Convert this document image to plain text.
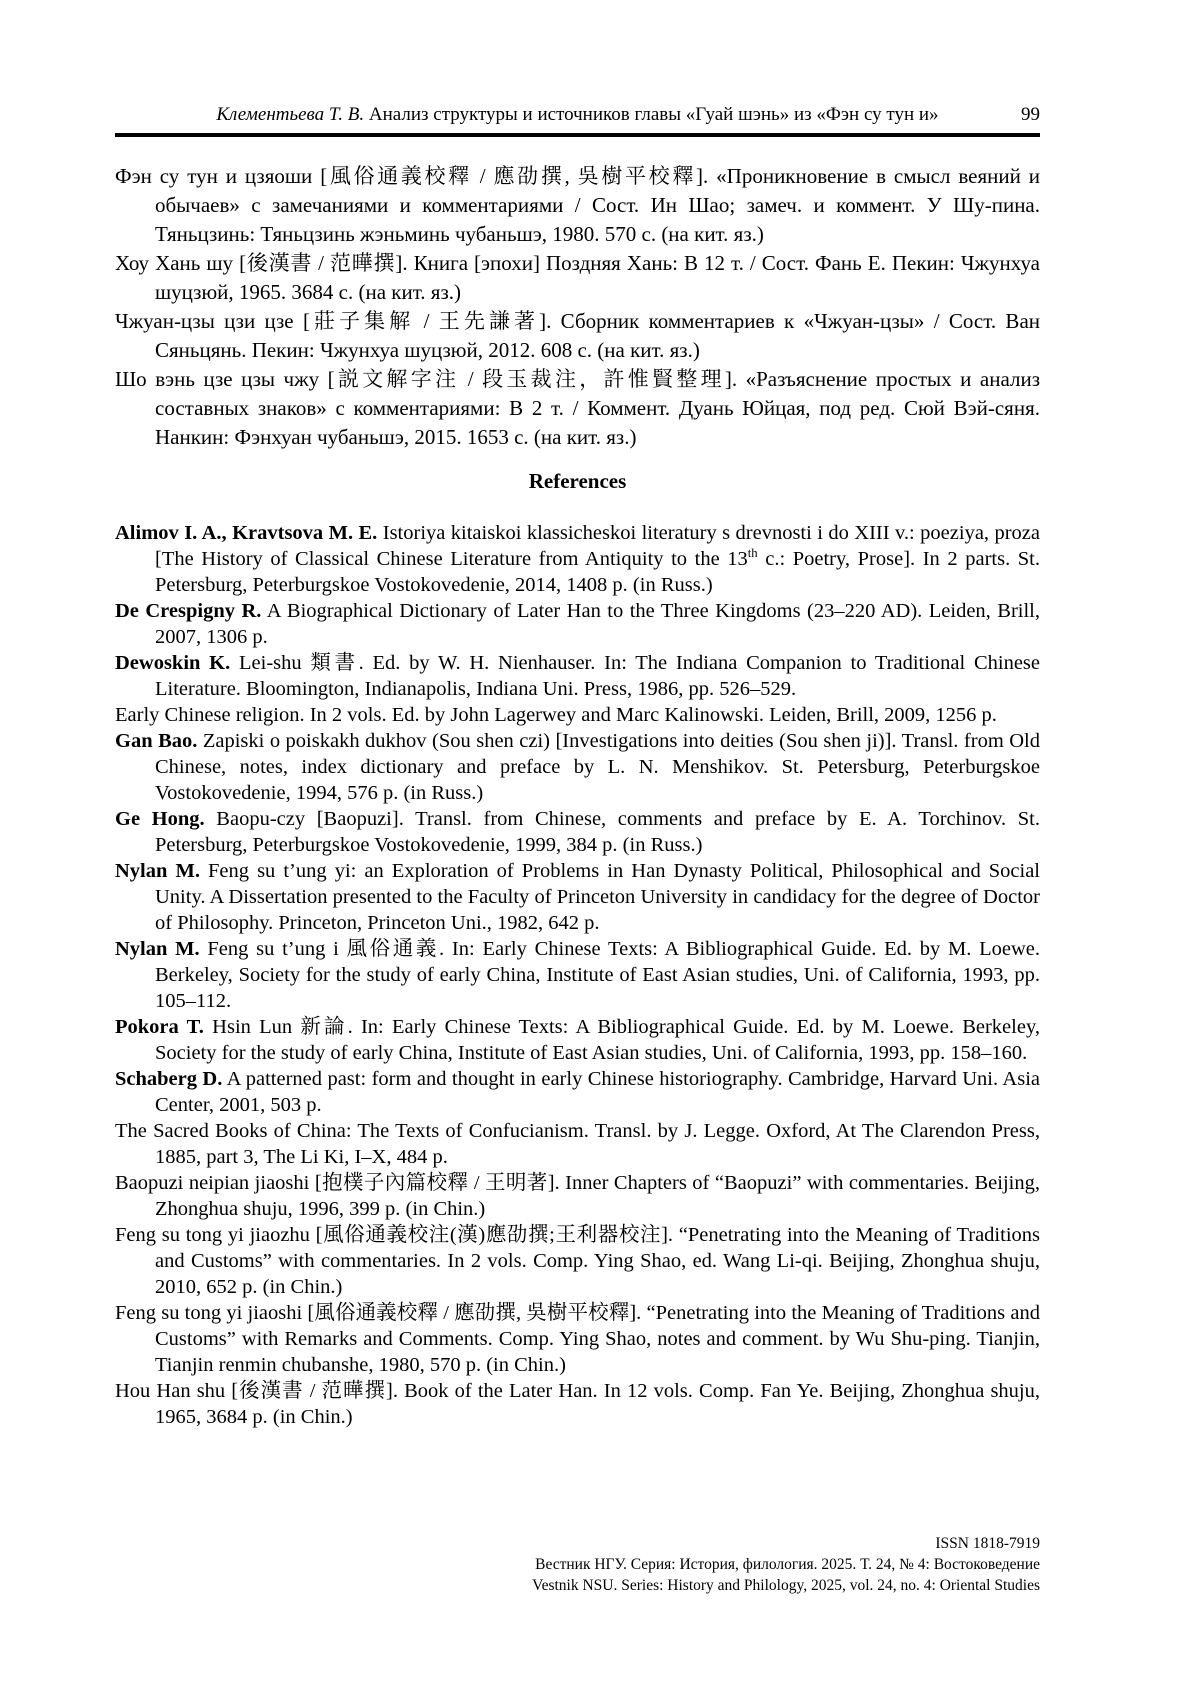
Клементьева Т. В. Анализ структуры и источников главы «Гуай шэнь» из «Фэн су тун и»	99
Фэн су тун и цзяоши [風俗通義校釋 / 應劭撰, 吳樹平校釋]. «Проникновение в смысл веяний и обычаев» с замечаниями и комментариями / Сост. Ин Шао; замеч. и коммент. У Шу-пина. Тяньцзинь: Тяньцзинь жэньминь чубаньшэ, 1980. 570 с. (на кит. яз.)
Хоу Хань шу [後漢書 / 范曄撰]. Книга [эпохи] Поздняя Хань: В 12 т. / Сост. Фань Е. Пекин: Чжунхуа шуцзюй, 1965. 3684 с. (на кит. яз.)
Чжуан-цзы цзи цзе [莊子集解 / 王先謙著]. Сборник комментариев к «Чжуан-цзы» / Сост. Ван Сяньцянь. Пекин: Чжунхуа шуцзюй, 2012. 608 с. (на кит. яз.)
Шо вэнь цзе цзы чжу [説文解字注 / 段玉裁注，許惟賢整理]. «Разъяснение простых и анализ составных знаков» с комментариями: В 2 т. / Коммент. Дуань Юйцая, под ред. Сюй Вэй-сяня. Нанкин: Фэнхуан чубаньшэ, 2015. 1653 с. (на кит. яз.)
References
Alimov I. A., Kravtsova M. E. Istoriya kitaiskoi klassicheskoi literatury s drevnosti i do XIII v.: poeziya, proza [The History of Classical Chinese Literature from Antiquity to the 13th c.: Poetry, Prose]. In 2 parts. St. Petersburg, Peterburgskoe Vostokovedenie, 2014, 1408 p. (in Russ.)
De Crespigny R. A Biographical Dictionary of Later Han to the Three Kingdoms (23–220 AD). Leiden, Brill, 2007, 1306 p.
Dewoskin K. Lei-shu 類書. Ed. by W. H. Nienhauser. In: The Indiana Companion to Traditional Chinese Literature. Bloomington, Indianapolis, Indiana Uni. Press, 1986, pp. 526–529.
Early Chinese religion. In 2 vols. Ed. by John Lagerwey and Marc Kalinowski. Leiden, Brill, 2009, 1256 p.
Gan Bao. Zapiski o poiskakh dukhov (Sou shen czi) [Investigations into deities (Sou shen ji)]. Transl. from Old Chinese, notes, index dictionary and preface by L. N. Menshikov. St. Petersburg, Peterburgskoe Vostokovedenie, 1994, 576 p. (in Russ.)
Ge Hong. Baopu-czy [Baopuzi]. Transl. from Chinese, comments and preface by E. A. Torchinov. St. Petersburg, Peterburgskoe Vostokovedenie, 1999, 384 p. (in Russ.)
Nylan M. Feng su t’ung yi: an Exploration of Problems in Han Dynasty Political, Philosophical and Social Unity. A Dissertation presented to the Faculty of Princeton University in candidacy for the degree of Doctor of Philosophy. Princeton, Princeton Uni., 1982, 642 p.
Nylan M. Feng su t’ung i 風俗通義. In: Early Chinese Texts: A Bibliographical Guide. Ed. by M. Loewe. Berkeley, Society for the study of early China, Institute of East Asian studies, Uni. of California, 1993, pp. 105–112.
Pokora T. Hsin Lun 新論. In: Early Chinese Texts: A Bibliographical Guide. Ed. by M. Loewe. Berkeley, Society for the study of early China, Institute of East Asian studies, Uni. of California, 1993, pp. 158–160.
Schaberg D. A patterned past: form and thought in early Chinese historiography. Cambridge, Harvard Uni. Asia Center, 2001, 503 p.
The Sacred Books of China: The Texts of Confucianism. Transl. by J. Legge. Oxford, At The Clarendon Press, 1885, part 3, The Li Ki, I–X, 484 p.
Baopuzi neipian jiaoshi [抱樸子內篇校釋 / 王明著]. Inner Chapters of “Baopuzi” with commentaries. Beijing, Zhonghua shuju, 1996, 399 p. (in Chin.)
Feng su tong yi jiaozhu [風俗通義校注(漢)應劭撰;王利器校注]. “Penetrating into the Meaning of Traditions and Customs” with commentaries. In 2 vols. Comp. Ying Shao, ed. Wang Li-qi. Beijing, Zhonghua shuju, 2010, 652 p. (in Chin.)
Feng su tong yi jiaoshi [風俗通義校釋 / 應劭撰, 吳樹平校釋]. “Penetrating into the Meaning of Traditions and Customs” with Remarks and Comments. Comp. Ying Shao, notes and comment. by Wu Shu-ping. Tianjin, Tianjin renmin chubanshe, 1980, 570 p. (in Chin.)
Hou Han shu [後漢書 / 范曄撰]. Book of the Later Han. In 12 vols. Comp. Fan Ye. Beijing, Zhonghua shuju, 1965, 3684 p. (in Chin.)
ISSN 1818-7919
Вестник НГУ. Серия: История, филология. 2025. Т. 24, № 4: Востоковедение
Vestnik NSU. Series: History and Philology, 2025, vol. 24, no. 4: Oriental Studies
